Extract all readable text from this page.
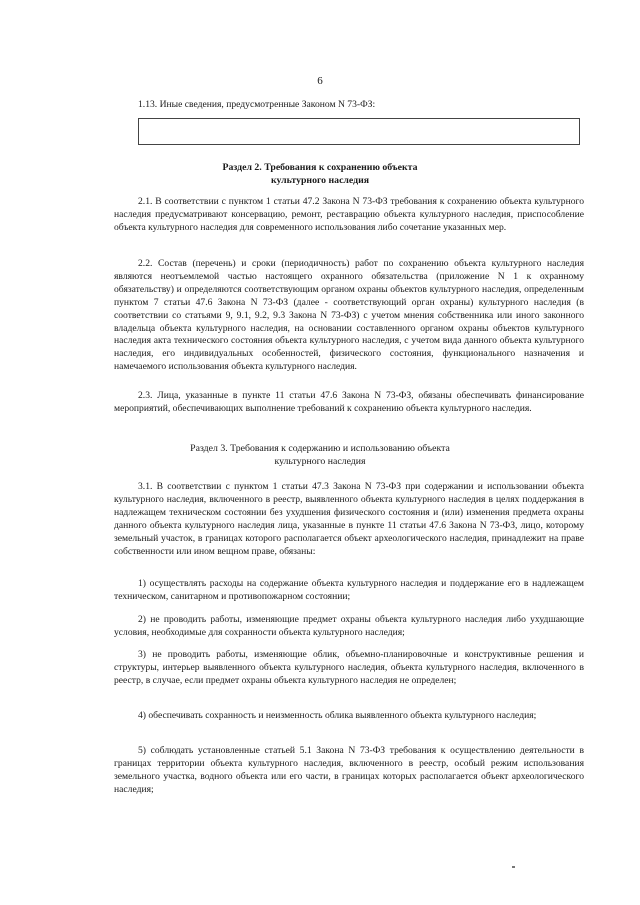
6
1.13. Иные сведения, предусмотренные Законом N 73-ФЗ:
Раздел 2. Требования к сохранению объекта
культурного наследия

2.1. В соответствии с пунктом 1 статьи 47.2 Закона N 73-ФЗ требования к сохранению объекта культурного наследия предусматривают консервацию, ремонт, реставрацию объекта культурного наследия, приспособление объекта культурного наследия для современного использования либо сочетание указанных мер.

2.2. Состав (перечень) и сроки (периодичность) работ по сохранению объекта культурного наследия являются неотъемлемой частью настоящего охранного обязательства (приложение N 1 к охранному обязательству) и определяются соответствующим органом охраны объектов культурного наследия, определенным пунктом 7 статьи 47.6 Закона N 73-ФЗ (далее - соответствующий орган охраны) культурного наследия (в соответствии со статьями 9, 9.1, 9.2, 9.3 Закона N 73-ФЗ) с учетом мнения собственника или иного законного владельца объекта культурного наследия, на основании составленного органом охраны объектов культурного наследия акта технического состояния объекта культурного наследия, с учетом вида данного объекта культурного наследия, его индивидуальных особенностей, физического состояния, функционального назначения и намечаемого использования объекта культурного наследия.

2.3. Лица, указанные в пункте 11 статьи 47.6 Закона N 73-ФЗ, обязаны обеспечивать финансирование мероприятий, обеспечивающих выполнение требований к сохранению объекта культурного наследия.

Раздел 3. Требования к содержанию и использованию объекта
культурного наследия

3.1. В соответствии с пунктом 1 статьи 47.3 Закона N 73-ФЗ при содержании и использовании объекта культурного наследия, включенного в реестр, выявленного объекта культурного наследия в целях поддержания в надлежащем техническом состоянии без ухудшения физического состояния и (или) изменения предмета охраны данного объекта культурного наследия лица, указанные в пункте 11 статьи 47.6 Закона N 73-ФЗ, лицо, которому земельный участок, в границах которого располагается объект археологического наследия, принадлежит на праве собственности или ином вещном праве, обязаны:

1) осуществлять расходы на содержание объекта культурного наследия и поддержание его в надлежащем техническом, санитарном и противопожарном состоянии;

2) не проводить работы, изменяющие предмет охраны объекта культурного наследия либо ухудшающие условия, необходимые для сохранности объекта культурного наследия;

3) не проводить работы, изменяющие облик, объемно-планировочные и конструктивные решения и структуры, интерьер выявленного объекта культурного наследия, объекта культурного наследия, включенного в реестр, в случае, если предмет охраны объекта культурного наследия не определен;

4) обеспечивать сохранность и неизменность облика выявленного объекта культурного наследия;

5) соблюдать установленные статьей 5.1 Закона N 73-ФЗ требования к осуществлению деятельности в границах территории объекта культурного наследия, включенного в реестр, особый режим использования земельного участка, водного объекта или его части, в границах которых располагается объект археологического наследия;
